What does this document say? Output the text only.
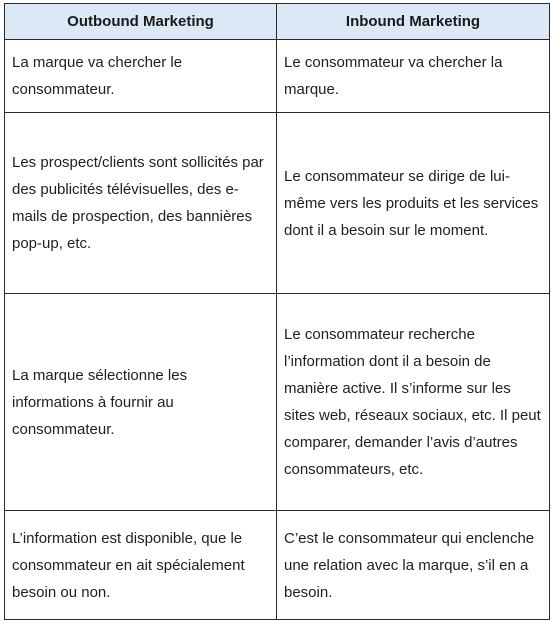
Outbound Marketing	Inbound Marketing
La marque va chercher le consommateur.	Le consommateur va chercher la marque.
Les prospect/clients sont sollicités par des publicités télévisuelles, des e-mails de prospection, des bannières pop-up, etc.	Le consommateur se dirige de lui-même vers les produits et les services dont il a besoin sur le moment.
La marque sélectionne les informations à fournir au consommateur.	Le consommateur recherche l’information dont il a besoin de manière active. Il s’informe sur les sites web, réseaux sociaux, etc. Il peut comparer, demander l’avis d’autres consommateurs, etc.
L’information est disponible, que le consommateur en ait spécialement besoin ou non.	C’est le consommateur qui enclenche une relation avec la marque, s’il en a besoin.
